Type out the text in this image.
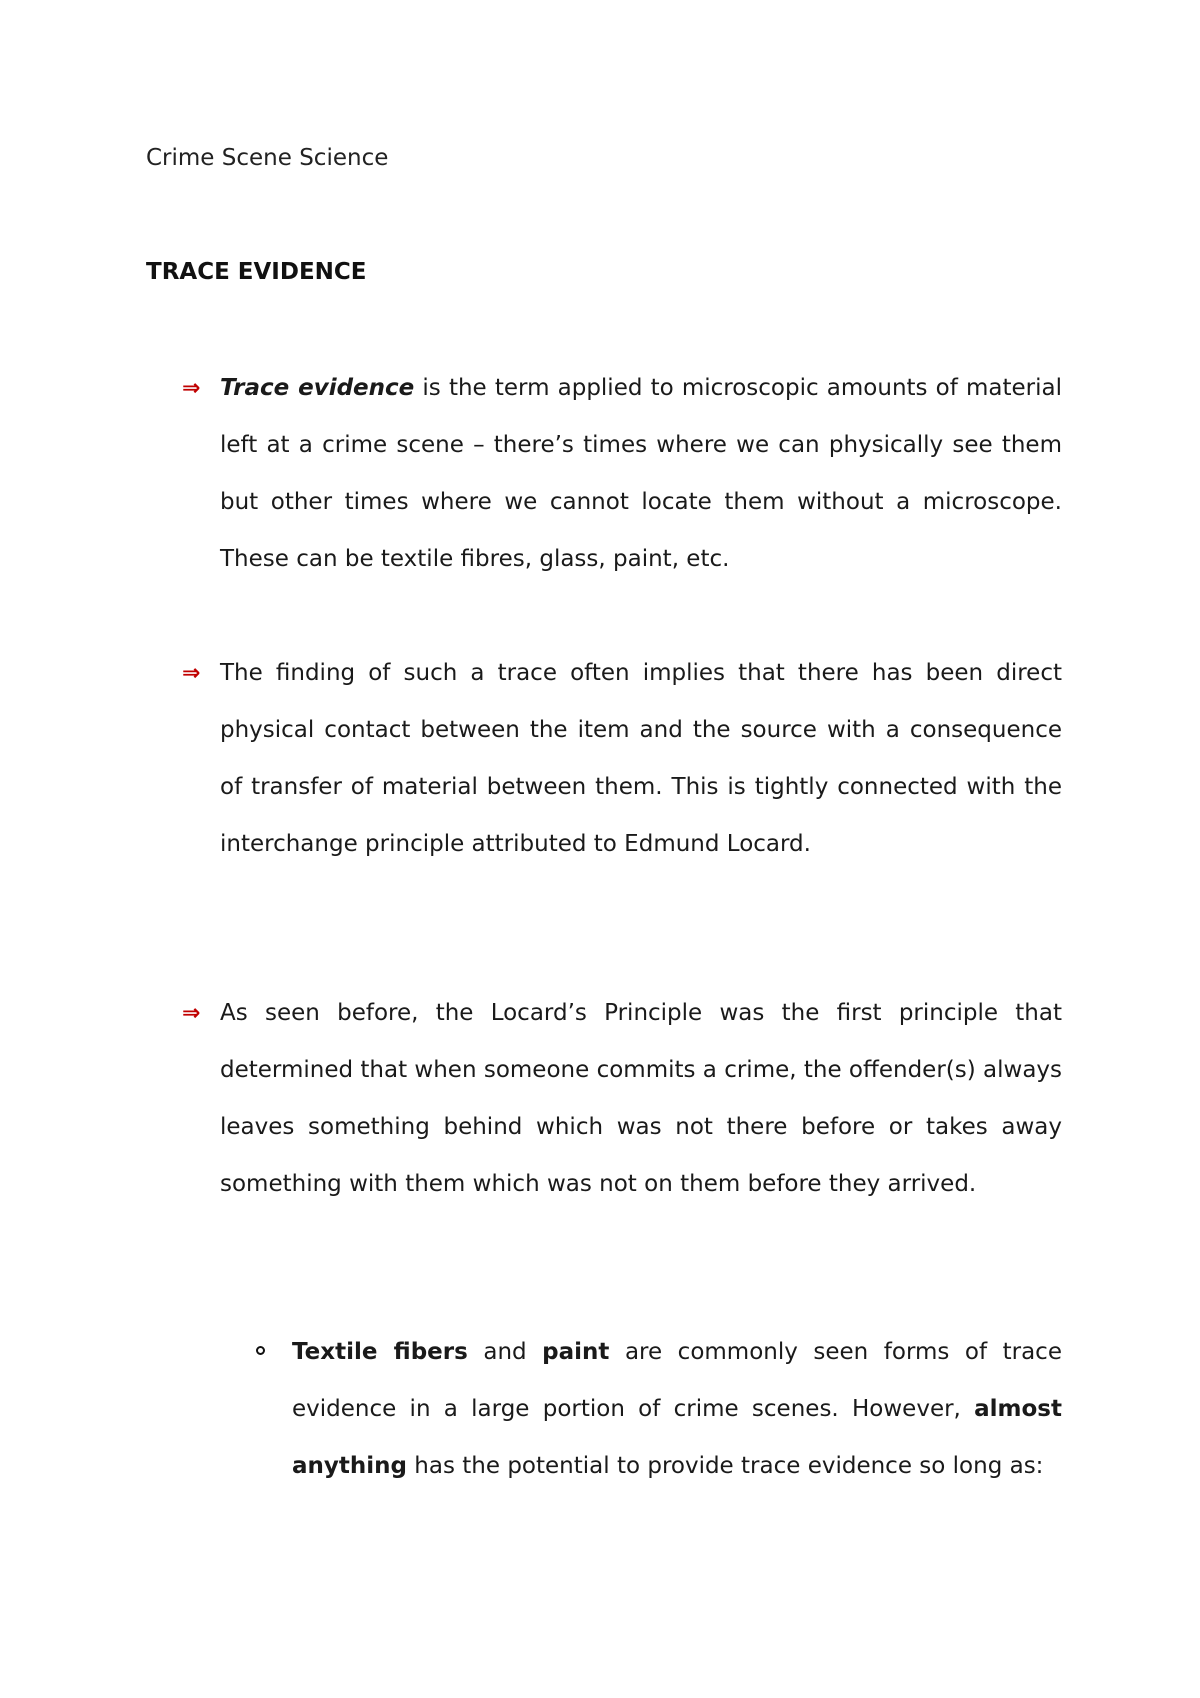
Crime Scene Science
TRACE EVIDENCE
⇒ Trace evidence is the term applied to microscopic amounts of material left at a crime scene – there’s times where we can physically see them but other times where we cannot locate them without a microscope. These can be textile fibres, glass, paint, etc.
⇒ The finding of such a trace often implies that there has been direct physical contact between the item and the source with a consequence of transfer of material between them. This is tightly connected with the interchange principle attributed to Edmund Locard.
⇒ As seen before, the Locard’s Principle was the first principle that determined that when someone commits a crime, the offender(s) always leaves something behind which was not there before or takes away something with them which was not on them before they arrived.
Textile fibers and paint are commonly seen forms of trace evidence in a large portion of crime scenes. However, almost anything has the potential to provide trace evidence so long as:
